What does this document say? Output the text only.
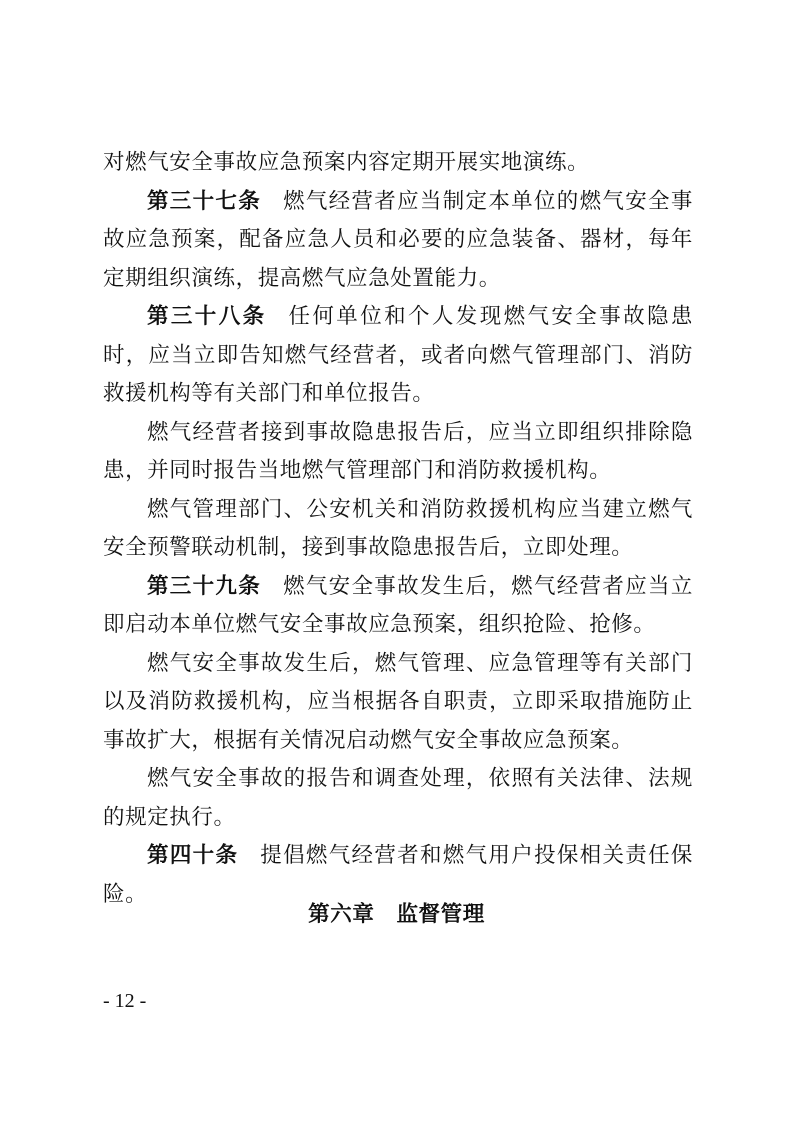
对燃气安全事故应急预案内容定期开展实地演练。

第三十七条 燃气经营者应当制定本单位的燃气安全事故应急预案，配备应急人员和必要的应急装备、器材，每年定期组织演练，提高燃气应急处置能力。

第三十八条 任何单位和个人发现燃气安全事故隐患时，应当立即告知燃气经营者，或者向燃气管理部门、消防救援机构等有关部门和单位报告。

燃气经营者接到事故隐患报告后，应当立即组织排除隐患，并同时报告当地燃气管理部门和消防救援机构。

燃气管理部门、公安机关和消防救援机构应当建立燃气安全预警联动机制，接到事故隐患报告后，立即处理。

第三十九条 燃气安全事故发生后，燃气经营者应当立即启动本单位燃气安全事故应急预案，组织抢险、抢修。

燃气安全事故发生后，燃气管理、应急管理等有关部门以及消防救援机构，应当根据各自职责，立即采取措施防止事故扩大，根据有关情况启动燃气安全事故应急预案。

燃气安全事故的报告和调查处理，依照有关法律、法规的规定执行。

第四十条 提倡燃气经营者和燃气用户投保相关责任保险。

第六章 监督管理

- 12 -
